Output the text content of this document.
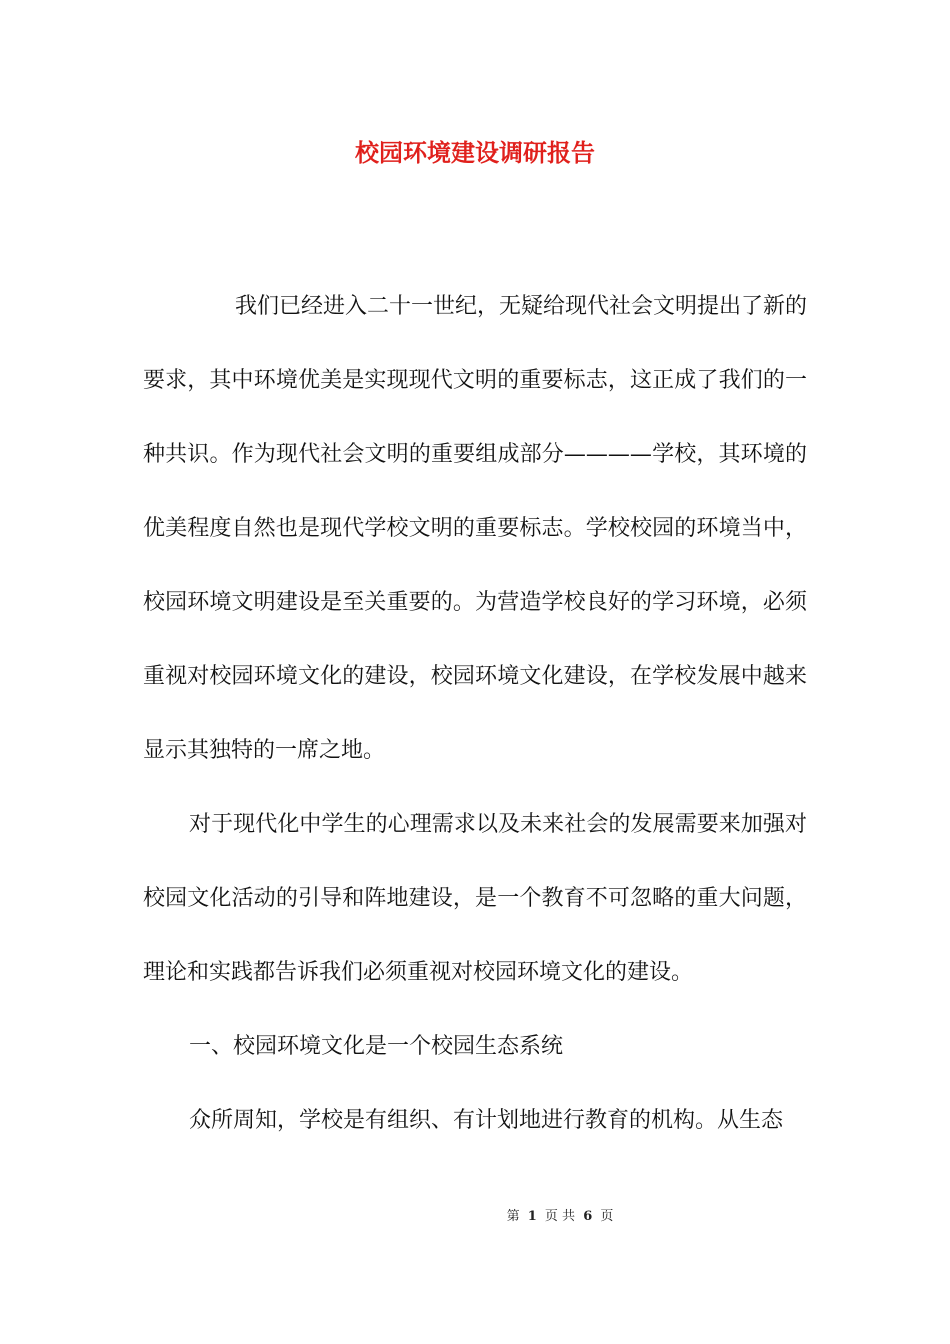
校园环境建设调研报告

我们已经进入二十一世纪，无疑给现代社会文明提出了新的要求，其中环境优美是实现现代文明的重要标志，这正成了我们的一种共识。作为现代社会文明的重要组成部分————学校，其环境的优美程度自然也是现代学校文明的重要标志。学校校园的环境当中，校园环境文明建设是至关重要的。为营造学校良好的学习环境，必须重视对校园环境文化的建设，校园环境文化建设，在学校发展中越来显示其独特的一席之地。

对于现代化中学生的心理需求以及未来社会的发展需要来加强对校园文化活动的引导和阵地建设，是一个教育不可忽略的重大问题，理论和实践都告诉我们必须重视对校园环境文化的建设。

一、校园环境文化是一个校园生态系统

众所周知，学校是有组织、有计划地进行教育的机构。从生态

第 1 页 共 6 页
